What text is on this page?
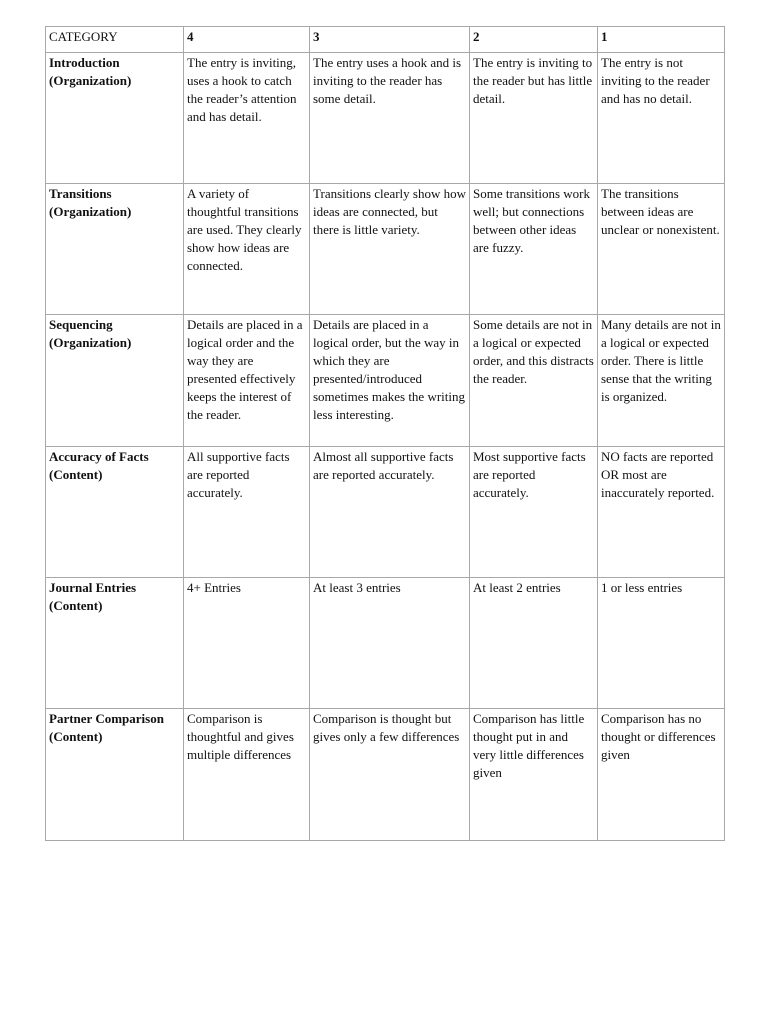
CATEGORY	4	3	2	1
Introduction (Organization)	The entry is inviting, uses a hook to catch the reader’s attention and has detail.	The entry uses a hook and is inviting to the reader has some detail.	The entry is inviting to the reader but has little detail.	The entry is not inviting to the reader and has no detail.
Transitions (Organization)	A variety of thoughtful transitions are used. They clearly show how ideas are connected.	Transitions clearly show how ideas are connected, but there is little variety.	Some transitions work well; but connections between other ideas are fuzzy.	The transitions between ideas are unclear or nonexistent.
Sequencing (Organization)	Details are placed in a logical order and the way they are presented effectively keeps the interest of the reader.	Details are placed in a logical order, but the way in which they are presented/introduced sometimes makes the writing less interesting.	Some details are not in a logical or expected order, and this distracts the reader.	Many details are not in a logical or expected order. There is little sense that the writing is organized.
Accuracy of Facts (Content)	All supportive facts are reported accurately.	Almost all supportive facts are reported accurately.	Most supportive facts are reported accurately.	NO facts are reported OR most are inaccurately reported.
Journal Entries (Content)	4+ Entries	At least 3 entries	At least 2 entries	1 or less entries
Partner Comparison (Content)	Comparison is thoughtful and gives multiple differences	Comparison is thought but gives only a few differences	Comparison has little thought put in and very little differences given	Comparison has no thought or differences given
